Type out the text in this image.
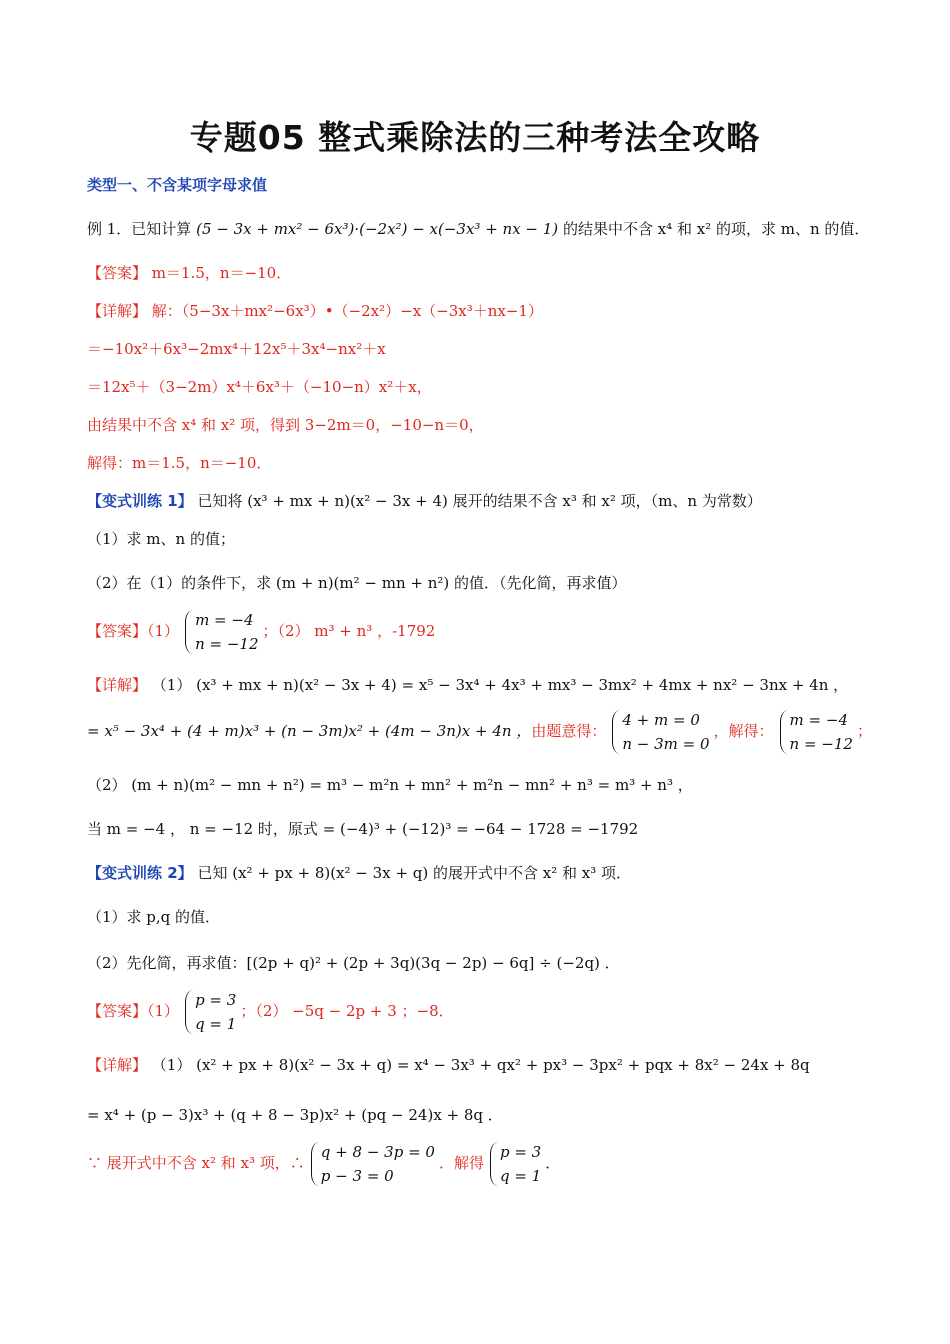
专题05 整式乘除法的三种考法全攻略
类型一、不含某项字母求值
例 1．已知计算 (5 − 3x + mx² − 6x³)·(−2x²) − x(−3x³ + nx − 1) 的结果中不含 x⁴ 和 x² 的项，求 m、n 的值．
【答案】 m＝1.5，n＝−10．
【详解】 解：（5−3x＋mx²−6x³）•（−2x²）−x（−3x³＋nx−1）
＝−10x²＋6x³−2mx⁴＋12x⁵＋3x⁴−nx²＋x
＝12x⁵＋（3−2m）x⁴＋6x³＋（−10−n）x²＋x，
由结果中不含 x⁴ 和 x² 项，得到 3−2m＝0，−10−n＝0，
解得：m＝1.5，n＝−10．
【变式训练 1】 已知将 (x³ + mx + n)(x² − 3x + 4) 展开的结果不含 x³ 和 x² 项，（m、n 为常数）
（1）求 m、n 的值；
（2）在（1）的条件下，求 (m + n)(m² − mn + n²) 的值．（先化简，再求值）
【答案】（1）
m = −4
n = −12
；（2） m³ + n³ ，-1792
【详解】 （1） (x³ + mx + n)(x² − 3x + 4) = x⁵ − 3x⁴ + 4x³ + mx³ − 3mx² + 4mx + nx² − 3nx + 4n ，
= x⁵ − 3x⁴ + (4 + m)x³ + (n − 3m)x² + (4m − 3n)x + 4n ，由题意得：
4 + m = 0
n − 3m = 0
，解得：
m = −4
n = −12
；
（2） (m + n)(m² − mn + n²) = m³ − m²n + mn² + m²n − mn² + n³ = m³ + n³ ，
当 m = −4 ， n = −12 时，原式 = (−4)³ + (−12)³ = −64 − 1728 = −1792
【变式训练 2】 已知 (x² + px + 8)(x² − 3x + q) 的展开式中不含 x² 和 x³ 项．
（1）求 p,q 的值．
（2）先化简，再求值：[(2p + q)² + (2p + 3q)(3q − 2p) − 6q] ÷ (−2q) ．
【答案】（1）
p = 3
q = 1
；（2） −5q − 2p + 3 ；−8．
【详解】 （1） (x² + px + 8)(x² − 3x + q) = x⁴ − 3x³ + qx² + px³ − 3px² + pqx + 8x² − 24x + 8q
= x⁴ + (p − 3)x³ + (q + 8 − 3p)x² + (pq − 24)x + 8q ．
∵ 展开式中不含 x² 和 x³ 项，∴
q + 8 − 3p = 0
p − 3 = 0
．解得
p = 3
q = 1
．
